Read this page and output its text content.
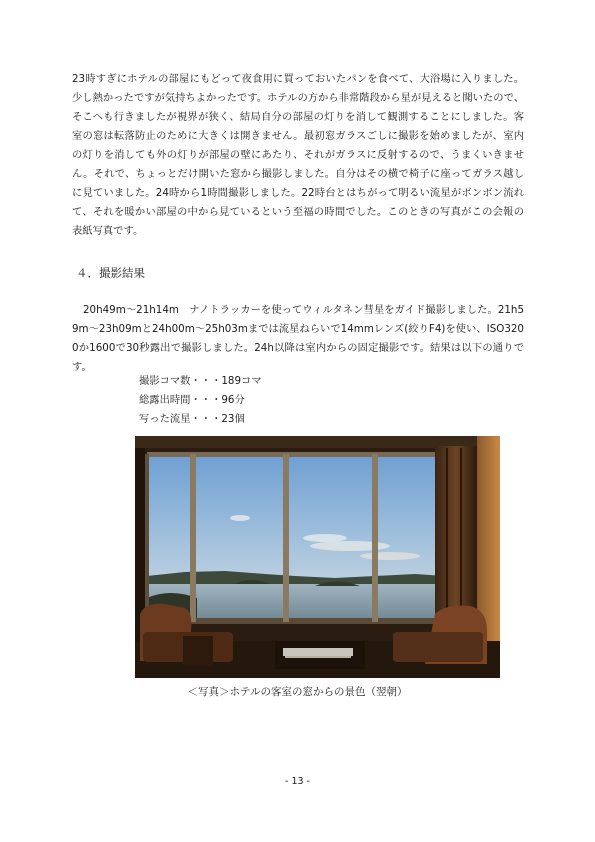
23時すぎにホテルの部屋にもどって夜食用に買っておいたパンを食べて、大浴場に入りました。少し熱かったですが気持ちよかったです。ホテルの方から非常階段から星が見えると聞いたので、そこへも行きましたが視界が狭く、結局自分の部屋の灯りを消して観測することにしました。客室の窓は転落防止のために大きくは開きません。最初窓ガラスごしに撮影を始めましたが、室内の灯りを消しても外の灯りが部屋の壁にあたり、それがガラスに反射するので、うまくいきません。それで、ちょっとだけ開いた窓から撮影しました。自分はその横で椅子に座ってガラス越しに見ていました。24時から1時間撮影しました。22時台とはちがって明るい流星がボンボン流れて、それを暖かい部屋の中から見ているという至福の時間でした。このときの写真がこの会報の表紙写真です。

４．撮影結果

20h49m～21h14m　ナノトラッカーを使ってウィルタネン彗星をガイド撮影しました。21h59m～23h09mと24h00m～25h03mまでは流星ねらいで14mmレンズ(絞りF4)を使い、ISO3200か1600で30秒露出で撮影しました。24h以降は室内からの固定撮影です。結果は以下の通りです。

撮影コマ数・・・189コマ
総露出時間・・・96分
写った流星・・・23個
＜写真＞ホテルの客室の窓からの景色（翌朝）
- 13 -
